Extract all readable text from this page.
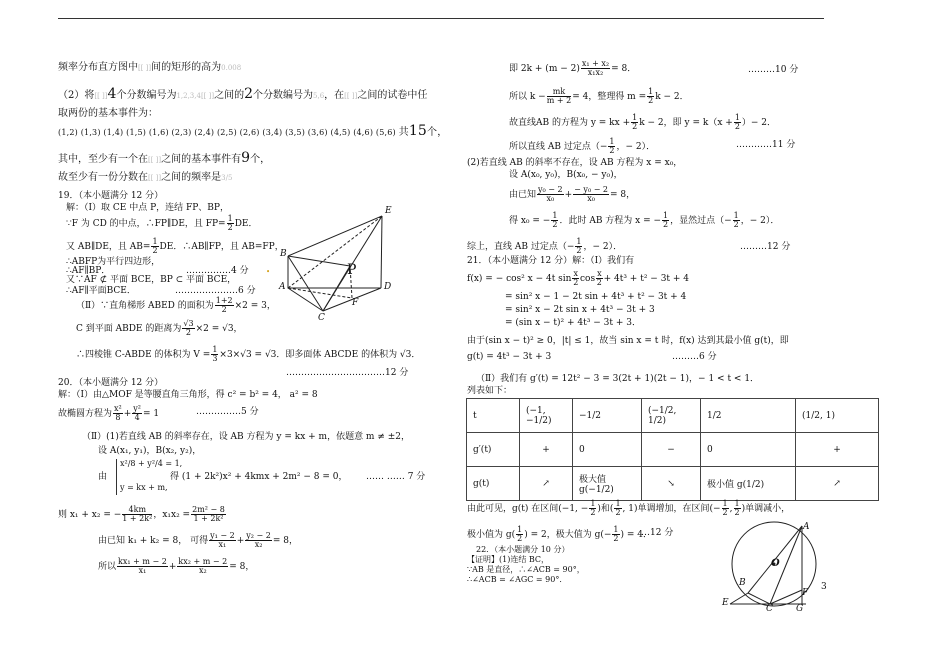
频率分布直方图中[[ ]]间的矩形的高为0.008
（2）将[[ ]]4个分数编号为1,2,3,4[[ ]]之间的2个分数编号为5,6，在[[ ]]之间的试卷中任
取两份的基本事件为：
(1,2) (1,3) (1,4) (1,5) (1,6) (2,3) (2,4) (2,5) (2,6) (3,4) (3,5) (3,6) (4,5) (4,6) (5,6) 共15个，
其中，至少有一个在[[ ]]之间的基本事件有9个，
故至少有一份分数在[[ ]]之间的频率是3/5
19．（本小题满分 12 分）
解：（Ⅰ）取 CE 中点 P，连结 FP、BP，
∵F 为 CD 的中点，∴FP∥DE，且 $FP= \frac{1}{2}$ DE．
又 AB∥DE，且 $AB= \frac{1}{2}$ DE．∴AB∥FP，且 AB=FP，
∴ABFP为平行四边形，
∴AF∥BP．	……………4 分
又∵AF ⊄ 平面 BCE，BP ⊂ 平面 BCE，
∴AF∥平面BCE．	…………………6 分
（Ⅱ）∵直角梯形 ABED 的面积为 $\frac{1+2}{2} \times 2 = 3$，
C 到平面 ABDE 的距离为 $\frac{√3}{2} \times 2 = √3$，
∴四棱锥 C-ABDE 的体积为 $V = \frac{1}{3} \times 3\times√3 = √3$．即多面体 ABCDE 的体积为 √3．
……………………………12 分
E
B
P
A	D
F
C
•
20．（本小题满分 12 分）
解：（Ⅰ）由△MOF 是等腰直角三角形，得 c² = b² = 4， a² = 8
故椭圆方程为 $\frac{\text{x²}}{8} + \frac{\text{y²}}{4} = 1$	……………5 分
（Ⅱ）(1)若直线 AB 的斜率存在，设 AB 方程为 y = kx + m，依题意 m ≠ ±2，
设 A(x₁, y₁)，B(x₂, y₂)，
由
x²/8 + y²/4 = 1,
y = kx + m,
得 (1 + 2k²)x² + 4kmx + 2m² − 8 = 0， …… …… 7 分
则 x₁ + x₂ = − $\frac{4km}{\text{1 + 2k²}}$ ，$x_1x_2 = \frac{\text{2m² − 8}}{\text{1 + 2k²}}$
由已知 k₁ + k₂ = 8， 可得 $\frac{\text{y₁ − 2}}{\text{x₁}} + \frac{\text{y₂ − 2}}{\text{x₂}} = 8$，
所以 $\frac{\text{kx₁ + m − 2}}{\text{x₁}} + \frac{\text{kx₂ + m − 2}}{\text{x₂}} = 8$，
即 $2k + (m - 2) \frac{\text{x₁ + x₂}}{\text{x₁x₂}} = 8$．	………10 分
所以 $k - \frac{mk}{m + 2} = 4$，整理得 $m = \frac{1}{2}$ k − 2．
故直线AB 的方程为 y = kx + $\frac{1}{2}$ k − 2，即 $y = k(x + \frac{1}{2}$ ）− 2．
所以直线 AB 过定点（− $\frac{1}{2}$ ，− 2）．	…………11 分
(2)若直线 AB 的斜率不存在，设 AB 方程为 x = x₀，
设 A(x₀, y₀)，B(x₀, − y₀)，
由已知 $\frac{\text{y₀ − 2}}{\text{x₀}} + \frac{\text{− y₀ − 2}}{\text{x₀}} = 8$，
得 x₀ = − $\frac{1}{2}$ ．此时 AB 方程为 x = − $\frac{1}{2}$ ，显然过点（− $\frac{1}{2}$ ，− 2）．
综上，直线 AB 过定点（− $\frac{1}{2}$ ，− 2）．	………12 分
21．（本小题满分 12 分）解：（Ⅰ）我们有
f(x) = − cos² x − 4t $\sin \frac{x}{2}$ $\cos \frac{x}{2} + 4t^3 + t^2 - 3t + 4$
= sin² x − 1 − 2t sin + 4t³ + t² − 3t + 4
= sin² x − 2t sin x + 4t³ − 3t + 3
= (sin x − t)² + 4t³ − 3t + 3．
由于(sin x − t)² ≥ 0，|t| ≤ 1，故当 sin x = t 时，f(x) 达到其最小值 g(t)，即
g(t) = 4t³ − 3t + 3	………6 分
（Ⅱ）我们有 g′(t) = 12t² − 3 = 3(2t + 1)(2t − 1)，− 1 < t < 1．
列表如下：
t	(−1, −1/2)	−1/2	(−1/2, 1/2)	1/2	(1/2, 1)
g′(t)	+	0	−	0	+
g(t)	↗	极大值 g(−1/2)	↘	极小值 g(1/2)	↗
由此可见，g(t) 在区间(−1, − $\frac{1}{2}$ )和( $\frac{1}{2}$ , 1)单调增加，在区间(− $\frac{1}{2}$ , $\frac{1}{2}$ )单调减小，
极小值为 $g( \frac{1}{2}$ ) = 2，极大值为 $g(- \frac{1}{2}$ ) = 4．
…12 分
22．（本小题满分 10 分）
【证明】(1)连结 BC，
∵AB 是直径，∴∠ACB = 90°，
∴∠ACB = ∠AGC = 90°．
A
O
B
E
C
F
G
3
